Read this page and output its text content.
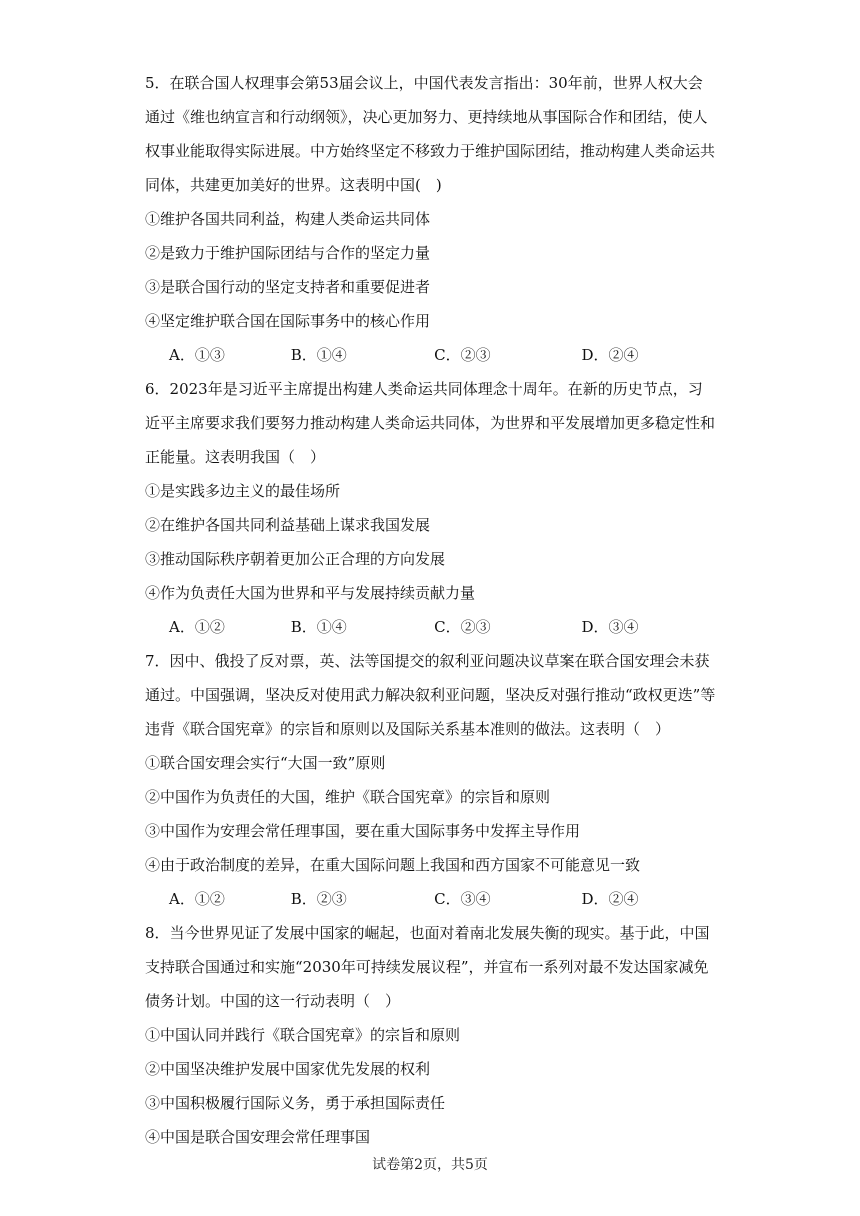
5．在联合国人权理事会第53届会议上，中国代表发言指出：30年前，世界人权大会通过《维也纳宣言和行动纲领》，决心更加努力、更持续地从事国际合作和团结，使人权事业能取得实际进展。中方始终坚定不移致力于维护国际团结，推动构建人类命运共同体，共建更加美好的世界。这表明中国(　)

①维护各国共同利益，构建人类命运共同体

②是致力于维护国际团结与合作的坚定力量

③是联合国行动的坚定支持者和重要促进者

④坚定维护联合国在国际事务中的核心作用

A．①③	B．①④	C．②③	D．②④

6．2023年是习近平主席提出构建人类命运共同体理念十周年。在新的历史节点，习近平主席要求我们要努力推动构建人类命运共同体，为世界和平发展增加更多稳定性和正能量。这表明我国（　）

①是实践多边主义的最佳场所

②在维护各国共同利益基础上谋求我国发展

③推动国际秩序朝着更加公正合理的方向发展

④作为负责任大国为世界和平与发展持续贡献力量

A．①②	B．①④	C．②③	D．③④

7．因中、俄投了反对票，英、法等国提交的叙利亚问题决议草案在联合国安理会未获通过。中国强调，坚决反对使用武力解决叙利亚问题，坚决反对强行推动“政权更迭”等违背《联合国宪章》的宗旨和原则以及国际关系基本准则的做法。这表明（　）

①联合国安理会实行“大国一致”原则

②中国作为负责任的大国，维护《联合国宪章》的宗旨和原则

③中国作为安理会常任理事国，要在重大国际事务中发挥主导作用

④由于政治制度的差异，在重大国际问题上我国和西方国家不可能意见一致

A．①②	B．②③	C．③④	D．②④

8．当今世界见证了发展中国家的崛起，也面对着南北发展失衡的现实。基于此，中国支持联合国通过和实施“2030年可持续发展议程”，并宣布一系列对最不发达国家减免债务计划。中国的这一行动表明（　）

①中国认同并践行《联合国宪章》的宗旨和原则

②中国坚决维护发展中国家优先发展的权利

③中国积极履行国际义务，勇于承担国际责任

④中国是联合国安理会常任理事国

试卷第2页，共5页
